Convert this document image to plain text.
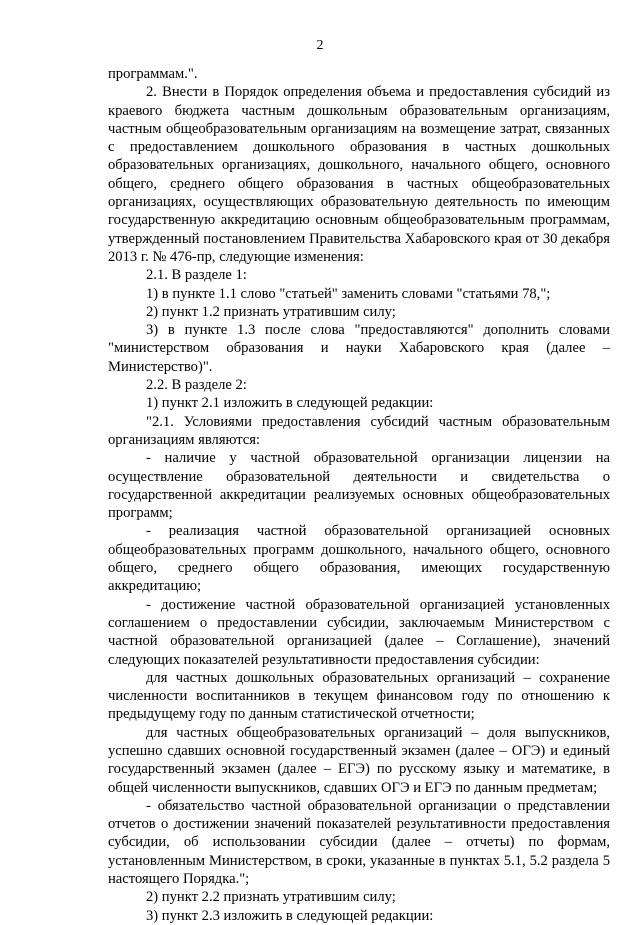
2

программам.".

2. Внести в Порядок определения объема и предоставления субсидий из краевого бюджета частным дошкольным образовательным организациям, частным общеобразовательным организациям на возмещение затрат, связанных с предоставлением дошкольного образования в частных дошкольных образовательных организациях, дошкольного, начального общего, основного общего, среднего общего образования в частных общеобразовательных организациях, осуществляющих образовательную деятельность по имеющим государственную аккредитацию основным общеобразовательным программам, утвержденный постановлением Правительства Хабаровского края от 30 декабря 2013 г. № 476-пр, следующие изменения:

2.1. В разделе 1:

1) в пункте 1.1 слово "статьей" заменить словами "статьями 78,";

2) пункт 1.2 признать утратившим силу;

3) в пункте 1.3 после слова "предоставляются" дополнить словами "министерством образования и науки Хабаровского края (далее – Министерство)".

2.2. В разделе 2:

1) пункт 2.1 изложить в следующей редакции:

"2.1. Условиями предоставления субсидий частным образовательным организациям являются:

- наличие у частной образовательной организации лицензии на осуществление образовательной деятельности и свидетельства о государственной аккредитации реализуемых основных общеобразовательных программ;

- реализация частной образовательной организацией основных общеобразовательных программ дошкольного, начального общего, основного общего, среднего общего образования, имеющих государственную аккредитацию;

- достижение частной образовательной организацией установленных соглашением о предоставлении субсидии, заключаемым Министерством с частной образовательной организацией (далее – Соглашение), значений следующих показателей результативности предоставления субсидии:

для частных дошкольных образовательных организаций – сохранение численности воспитанников в текущем финансовом году по отношению к предыдущему году по данным статистической отчетности;

для частных общеобразовательных организаций – доля выпускников, успешно сдавших основной государственный экзамен (далее – ОГЭ) и единый государственный экзамен (далее – ЕГЭ) по русскому языку и математике, в общей численности выпускников, сдавших ОГЭ и ЕГЭ по данным предметам;

- обязательство частной образовательной организации о представлении отчетов о достижении значений показателей результативности предоставления субсидии, об использовании субсидии (далее – отчеты) по формам, установленным Министерством, в сроки, указанные в пунктах 5.1, 5.2 раздела 5 настоящего Порядка.";

2) пункт 2.2 признать утратившим силу;

3) пункт 2.3 изложить в следующей редакции:
